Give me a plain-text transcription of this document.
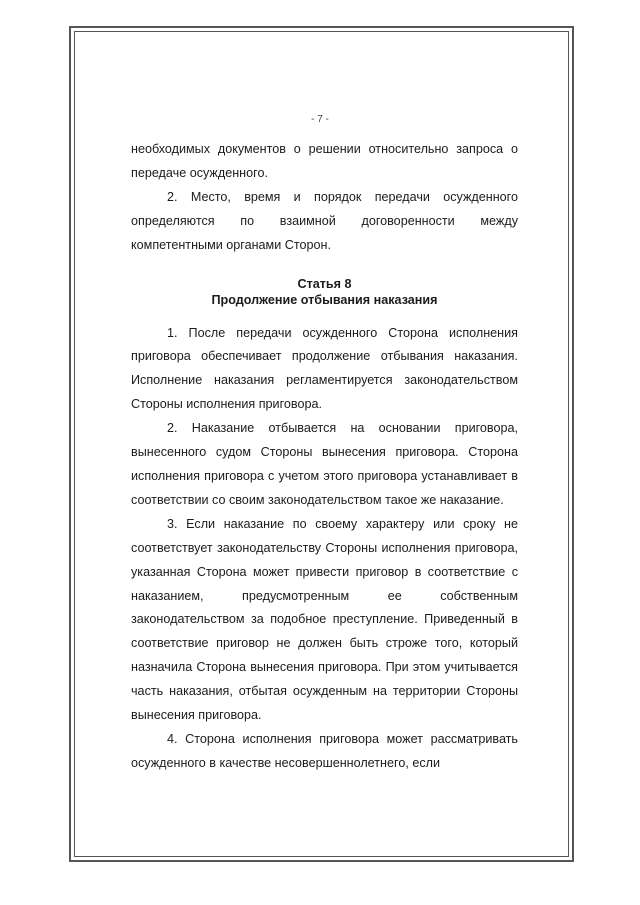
- 7 -

необходимых документов о решении относительно запроса о передаче осужденного.

2. Место, время и порядок передачи осужденного определяются по взаимной договоренности между компетентными органами Сторон.

Статья 8
Продолжение отбывания наказания

1. После передачи осужденного Сторона исполнения приговора обеспечивает продолжение отбывания наказания. Исполнение наказания регламентируется законодательством Стороны исполнения приговора.

2. Наказание отбывается на основании приговора, вынесенного судом Стороны вынесения приговора. Сторона исполнения приговора с учетом этого приговора устанавливает в соответствии со своим законодательством такое же наказание.

3. Если наказание по своему характеру или сроку не соответствует законодательству Стороны исполнения приговора, указанная Сторона может привести приговор в соответствие с наказанием, предусмотренным ее собственным законодательством за подобное преступление. Приведенный в соответствие приговор не должен быть строже того, который назначила Сторона вынесения приговора. При этом учитывается часть наказания, отбытая осужденным на территории Стороны вынесения приговора.

4. Сторона исполнения приговора может рассматривать осужденного в качестве несовершеннолетнего, если
